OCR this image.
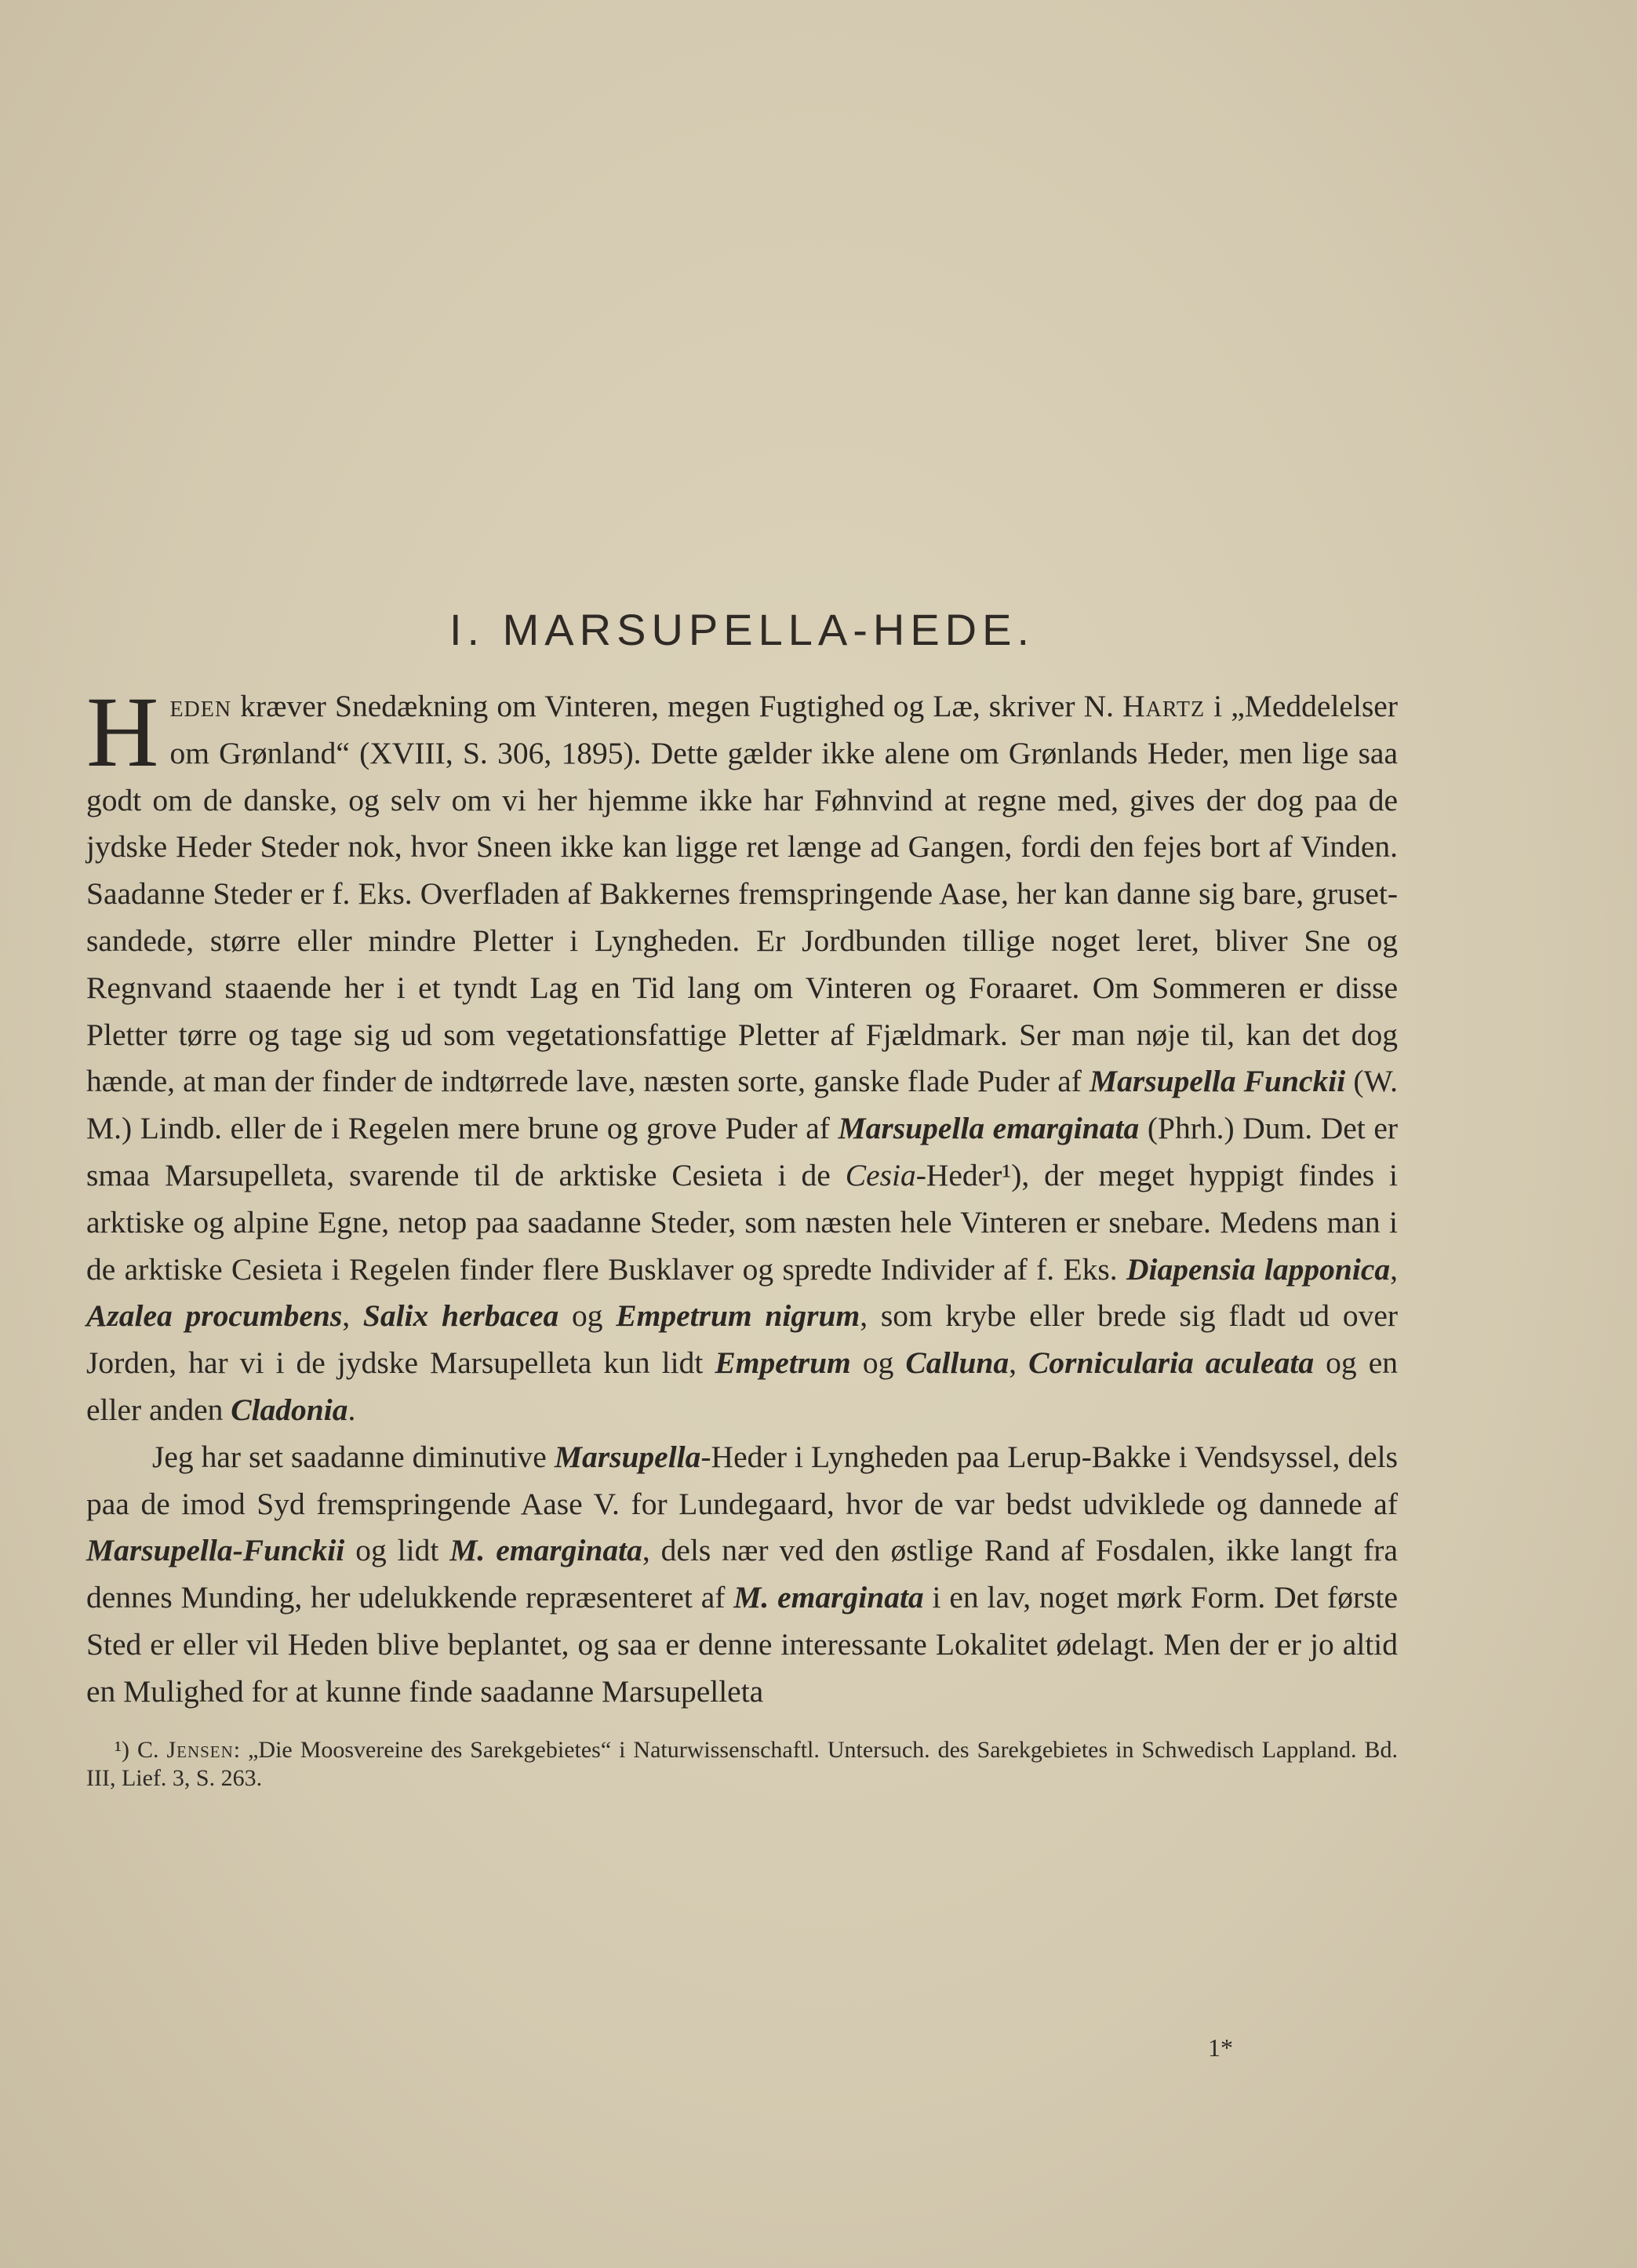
I. MARSUPELLA-HEDE.

H eden kræver Snedækning om Vinteren, megen Fugtighed og Læ, skriver N. Hartz i „Meddelelser om Grønland“ (XVIII, S. 306, 1895). Dette gælder ikke alene om Grønlands Heder, men lige saa godt om de danske, og selv om vi her hjemme ikke har Føhnvind at regne med, gives der dog paa de jydske Heder Steder nok, hvor Sneen ikke kan ligge ret længe ad Gangen, fordi den fejes bort af Vinden. Saadanne Steder er f. Eks. Overfladen af Bakkernes fremspringende Aase, her kan danne sig bare, gruset-sandede, større eller mindre Pletter i Lyngheden. Er Jordbunden tillige noget leret, bliver Sne og Regnvand staaende her i et tyndt Lag en Tid lang om Vinteren og Foraaret. Om Sommeren er disse Pletter tørre og tage sig ud som vegetationsfattige Pletter af Fjældmark. Ser man nøje til, kan det dog hænde, at man der finder de indtørrede lave, næsten sorte, ganske flade Puder af Marsupella Funckii (W. M.) Lindb. eller de i Regelen mere brune og grove Puder af Marsupella emarginata (Phrh.) Dum. Det er smaa Marsupelleta, svarende til de arktiske Cesieta i de Cesia-Heder¹), der meget hyppigt findes i arktiske og alpine Egne, netop paa saadanne Steder, som næsten hele Vinteren er snebare. Medens man i de arktiske Cesieta i Regelen finder flere Busklaver og spredte Individer af f. Eks. Diapensia lapponica, Azalea procumbens, Salix herbacea og Empetrum nigrum, som krybe eller brede sig fladt ud over Jorden, har vi i de jydske Marsupelleta kun lidt Empetrum og Calluna, Cornicularia aculeata og en eller anden Cladonia.

Jeg har set saadanne diminutive Marsupella-Heder i Lyngheden paa Lerup-Bakke i Vendsyssel, dels paa de imod Syd fremspringende Aase V. for Lundegaard, hvor de var bedst udviklede og dannede af Marsupella-Funckii og lidt M. emarginata, dels nær ved den østlige Rand af Fosdalen, ikke langt fra dennes Munding, her udelukkende repræsenteret af M. emarginata i en lav, noget mørk Form. Det første Sted er eller vil Heden blive beplantet, og saa er denne interessante Lokalitet ødelagt. Men der er jo altid en Mulighed for at kunne finde saadanne Marsupelleta

¹) C. Jensen: „Die Moosvereine des Sarekgebietes“ i Naturwissenschaftl. Untersuch. des Sarekgebietes in Schwedisch Lappland. Bd. III, Lief. 3, S. 263.

1*
